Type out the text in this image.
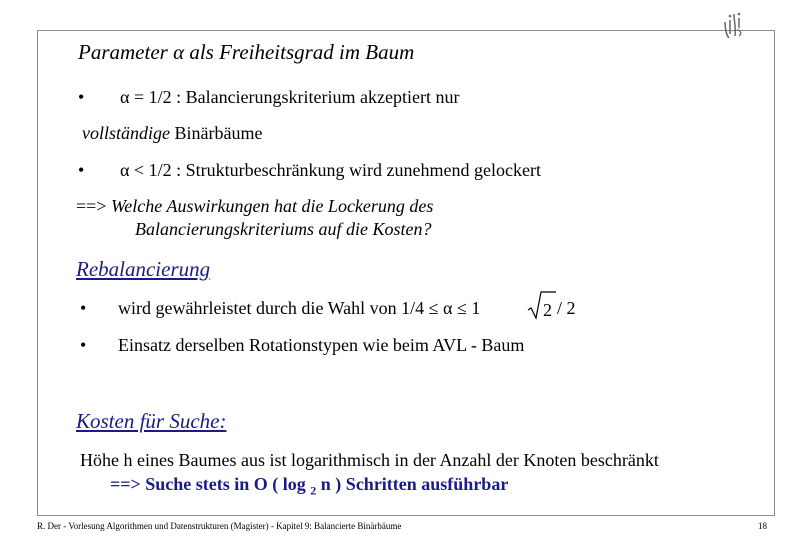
Parameter α als Freiheitsgrad im Baum
• α = 1/2 : Balancierungskriterium akzeptiert nur
vollständige Binärbäume
• α < 1/2 : Strukturbeschränkung wird zunehmend gelockert
==> Welche Auswirkungen hat die Lockerung des
Balancierungskriteriums auf die Kosten?
Rebalancierung
• wird gewährleistet durch die Wahl von 1/4 ≤ α ≤ 1	2 / 2
• Einsatz derselben Rotationstypen wie beim AVL - Baum
Kosten für Suche:
Höhe h eines Baumes aus ist logarithmisch in der Anzahl der Knoten beschränkt
==> Suche stets in O ( log $_2$ n ) Schritten ausführbar
R. Der - Vorlesung Algorithmen und Datenstrukturen (Magister) - Kapitel 9: Balancierte Binärbäume	18
